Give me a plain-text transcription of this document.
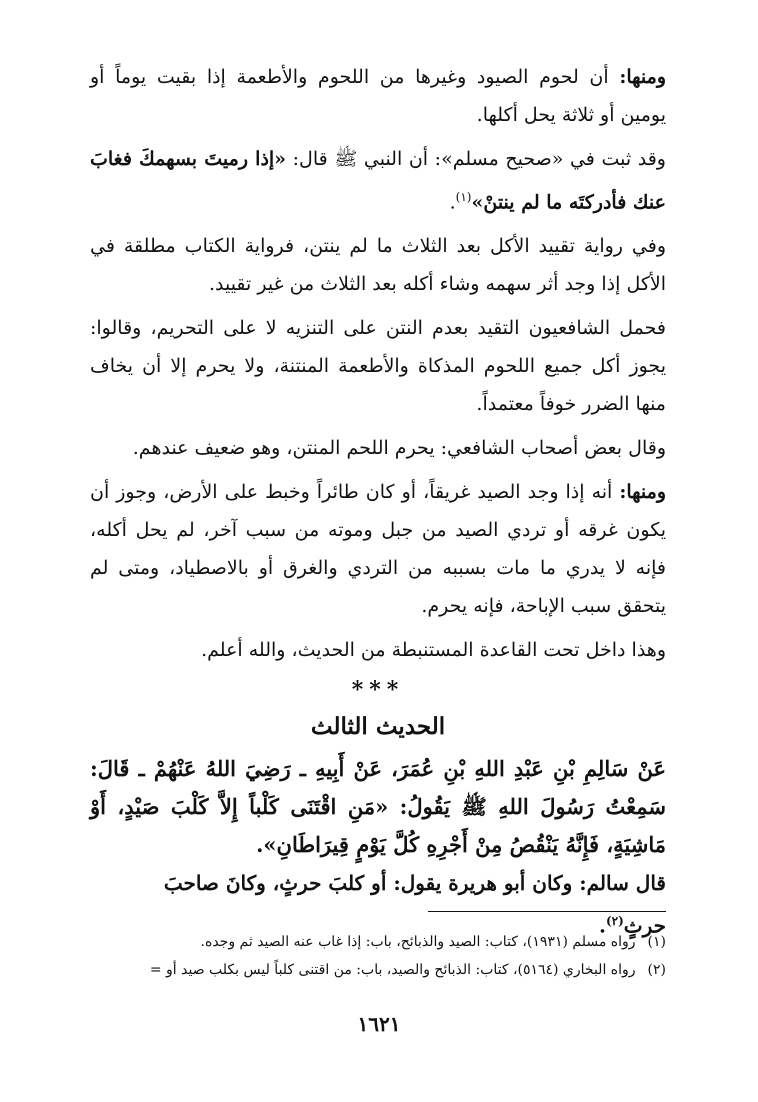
ومنها: أن لحوم الصيود وغيرها من اللحوم والأطعمة إذا بقيت يوماً أو يومين أو ثلاثة يحل أكلها.

وقد ثبت في «صحيح مسلم»: أن النبي ﷺ قال: «إذا رميتَ بسهمكَ فغابَ عنك فأدركتَه ما لم ينتنْ»$^{(١)}$.

وفي رواية تقييد الأكل بعد الثلاث ما لم ينتن، فرواية الكتاب مطلقة في الأكل إذا وجد أثر سهمه وشاء أكله بعد الثلاث من غير تقييد.

فحمل الشافعيون التقيد بعدم النتن على التنزيه لا على التحريم، وقالوا: يجوز أكل جميع اللحوم المذكاة والأطعمة المنتنة، ولا يحرم إلا أن يخاف منها الضرر خوفاً معتمداً.

وقال بعض أصحاب الشافعي: يحرم اللحم المنتن، وهو ضعيف عندهم.

ومنها: أنه إذا وجد الصيد غريقاً، أو كان طائراً وخبط على الأرض، وجوز أن يكون غرقه أو تردي الصيد من جبل وموته من سبب آخر، لم يحل أكله، فإنه لا يدري ما مات بسببه من التردي والغرق أو بالاصطياد، ومتى لم يتحقق سبب الإباحة، فإنه يحرم.

وهذا داخل تحت القاعدة المستنبطة من الحديث، والله أعلم.

***
الحديث الثالث

عَنْ سَالِمِ بْنِ عَبْدِ اللهِ بْنِ عُمَرَ، عَنْ أَبِيهِ ـ رَضِيَ اللهُ عَنْهُمْ ـ قَالَ: سَمِعْتُ رَسُولَ اللهِ ﷺ يَقُولُ: «مَنِ اقْتَنَى كَلْباً إِلاَّ كَلْبَ صَيْدٍ، أَوْ مَاشِيَةٍ، فَإِنَّهُ يَنْقُصُ مِنْ أَجْرِهِ كُلَّ يَوْمٍ قِيرَاطَانِ».

قال سالم: وكان أبو هريرة يقول: أو كلبَ حرثٍ، وكانَ صاحبَ حرثٍ$^{(٢)}$.

(١)
رواه مسلم (١٩٣١)، كتاب: الصيد والذبائح، باب: إذا غاب عنه الصيد ثم وجده.
(٢)
رواه البخاري (٥١٦٤)، كتاب: الذبائح والصيد، باب: من اقتنى كلباً ليس بكلب صيد أو =
١٦٢١
